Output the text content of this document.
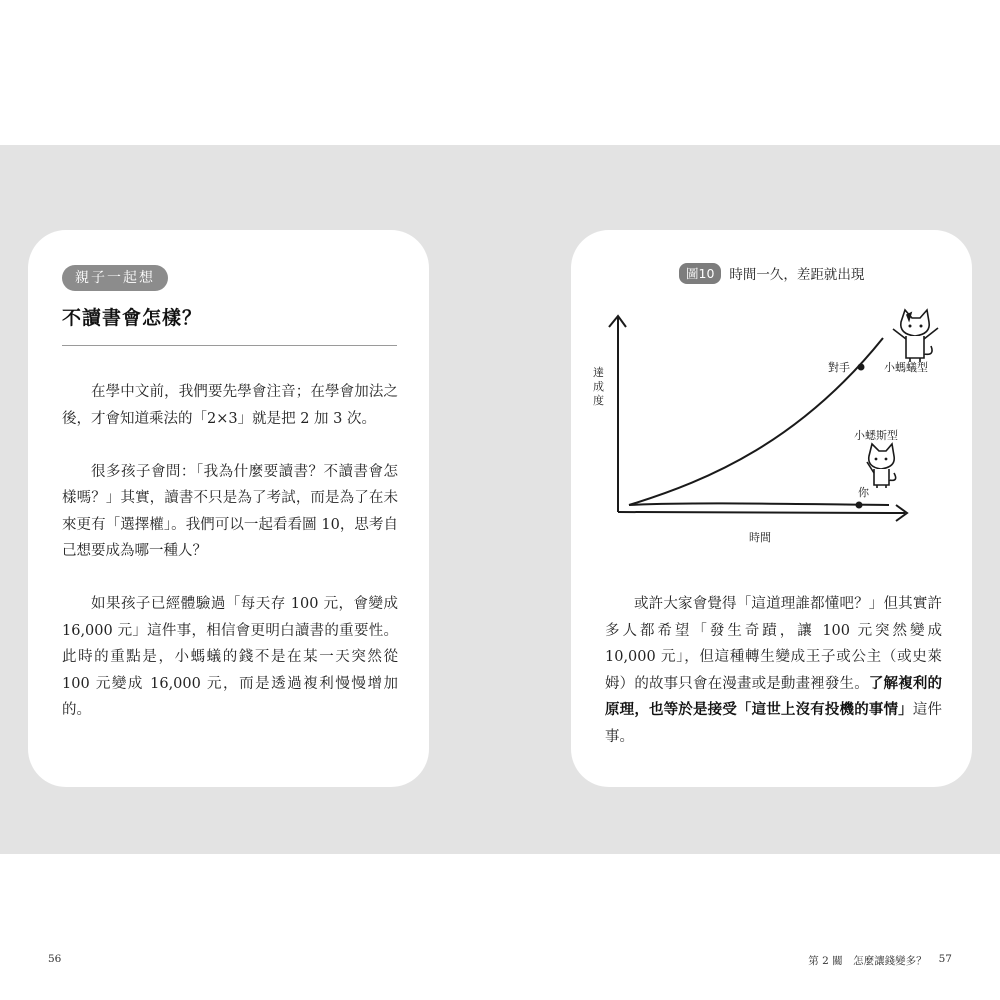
親子一起想
不讀書會怎樣？

在學中文前，我們要先學會注音；在學會加法之後，才會知道乘法的「2×3」就是把 2 加 3 次。

很多孩子會問：「我為什麼要讀書？不讀書會怎樣嗎？」其實，讀書不只是為了考試，而是為了在未來更有「選擇權」。我們可以一起看看圖 10，思考自己想要成為哪一種人？

如果孩子已經體驗過「每天存 100 元，會變成 16,000 元」這件事，相信會更明白讀書的重要性。此時的重點是，小螞蟻的錢不是在某一天突然從 100 元變成 16,000 元，而是透過複利慢慢增加的。

圖10	時間一久，差距就出現
達
成
度
時間
對手
你
小螞蟻型
小蟋斯型
或許大家會覺得「這道理誰都懂吧？」但其實許多人都希望「發生奇蹟，讓 100 元突然變成 10,000 元」，但這種轉生變成王子或公主（或史萊姆）的故事只會在漫畫或是動畫裡發生。了解複利的原理，也等於是接受「這世上沒有投機的事情」這件事。
56	第 2 關　怎麼讓錢變多？ 57
